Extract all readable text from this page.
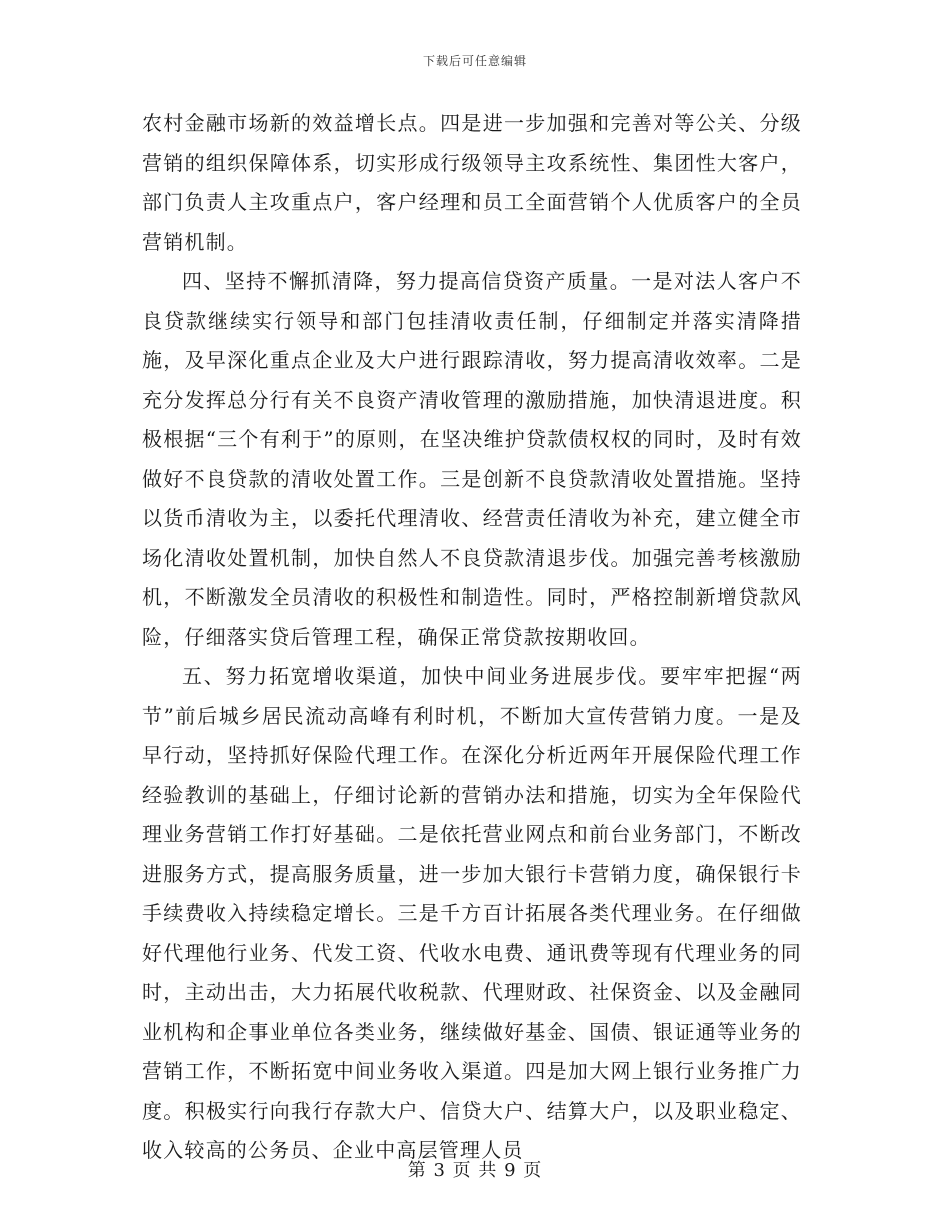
下载后可任意编辑

农村金融市场新的效益增长点。四是进一步加强和完善对等公关、分级营销的组织保障体系，切实形成行级领导主攻系统性、集团性大客户，部门负责人主攻重点户，客户经理和员工全面营销个人优质客户的全员营销机制。

四、坚持不懈抓清降，努力提高信贷资产质量。一是对法人客户不良贷款继续实行领导和部门包挂清收责任制，仔细制定并落实清降措施，及早深化重点企业及大户进行跟踪清收，努力提高清收效率。二是充分发挥总分行有关不良资产清收管理的激励措施，加快清退进度。积极根据“三个有利于”的原则，在坚决维护贷款债权权的同时，及时有效做好不良贷款的清收处置工作。三是创新不良贷款清收处置措施。坚持以货币清收为主，以委托代理清收、经营责任清收为补充，建立健全市场化清收处置机制，加快自然人不良贷款清退步伐。加强完善考核激励机，不断激发全员清收的积极性和制造性。同时，严格控制新增贷款风险，仔细落实贷后管理工程，确保正常贷款按期收回。

五、努力拓宽增收渠道，加快中间业务进展步伐。要牢牢把握“两节”前后城乡居民流动高峰有利时机，不断加大宣传营销力度。一是及早行动，坚持抓好保险代理工作。在深化分析近两年开展保险代理工作经验教训的基础上，仔细讨论新的营销办法和措施，切实为全年保险代理业务营销工作打好基础。二是依托营业网点和前台业务部门，不断改进服务方式，提高服务质量，进一步加大银行卡营销力度，确保银行卡手续费收入持续稳定增长。三是千方百计拓展各类代理业务。在仔细做好代理他行业务、代发工资、代收水电费、通讯费等现有代理业务的同时，主动出击，大力拓展代收税款、代理财政、社保资金、以及金融同业机构和企事业单位各类业务，继续做好基金、国债、银证通等业务的营销工作，不断拓宽中间业务收入渠道。四是加大网上银行业务推广力度。积极实行向我行存款大户、信贷大户、结算大户，以及职业稳定、收入较高的公务员、企业中高层管理人员

第 3 页 共 9 页
